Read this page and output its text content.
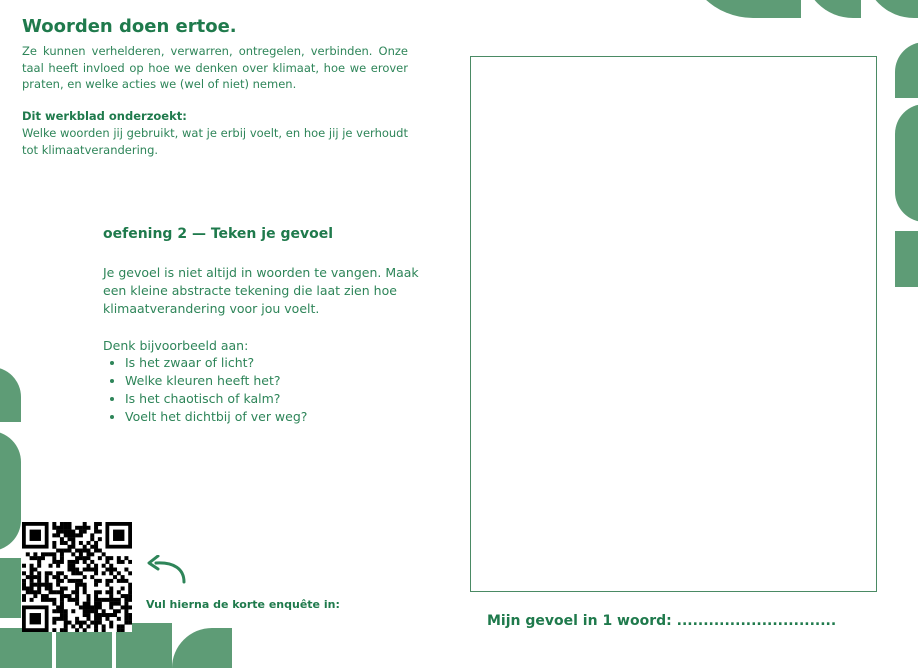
Woorden doen ertoe.

Ze kunnen verhelderen, verwarren, ontregelen, verbinden. Onze taal heeft invloed op hoe we denken over klimaat, hoe we erover praten, en welke acties we (wel of niet) nemen.

Dit werkblad onderzoekt:

Welke woorden jij gebruikt, wat je erbij voelt, en hoe jij je verhoudt tot klimaatverandering.

oefening 2 — Teken je gevoel

Je gevoel is niet altijd in woorden te vangen. Maak een kleine abstracte tekening die laat zien hoe klimaatverandering voor jou voelt.

Denk bijvoorbeeld aan:

• Is het zwaar of licht?
• Welke kleuren heeft het?
• Is het chaotisch of kalm?
• Voelt het dichtbij of ver weg?

Vul hierna de korte enquête in:

Mijn gevoel in 1 woord: ..............................
